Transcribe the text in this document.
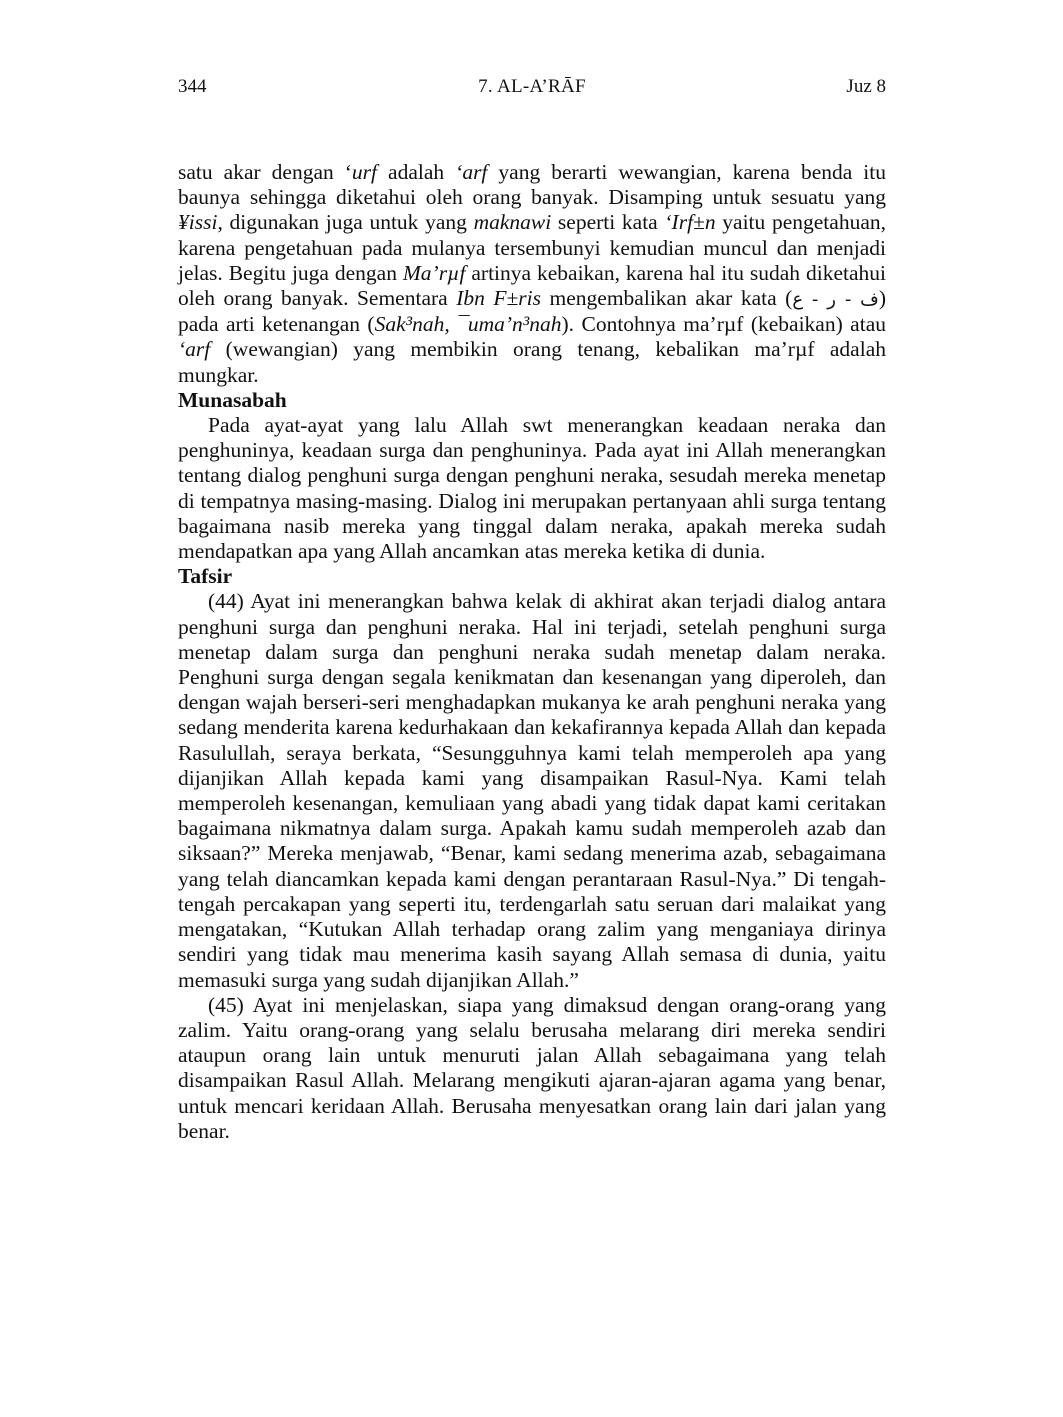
344	7. AL-A’RĀF	Juz 8

satu akar dengan ‘urf adalah ‘arf yang berarti wewangian, karena benda itu baunya sehingga diketahui oleh orang banyak. Disamping untuk sesuatu yang ¥issi, digunakan juga untuk yang maknawi seperti kata ‘Irf±n yaitu pengetahuan, karena pengetahuan pada mulanya tersembunyi kemudian muncul dan menjadi jelas. Begitu juga dengan Ma’rµf artinya kebaikan, karena hal itu sudah diketahui oleh orang banyak. Sementara Ibn F±ris mengembalikan akar kata (ف - ر - ع) pada arti ketenangan (Sak³nah, ¯uma’n³nah). Contohnya ma’rµf (kebaikan) atau ‘arf (wewangian) yang membikin orang tenang, kebalikan ma’rµf adalah mungkar.

Munasabah

Pada ayat-ayat yang lalu Allah swt menerangkan keadaan neraka dan penghuninya, keadaan surga dan penghuninya. Pada ayat ini Allah menerangkan tentang dialog penghuni surga dengan penghuni neraka, sesudah mereka menetap di tempatnya masing-masing. Dialog ini merupakan pertanyaan ahli surga tentang bagaimana nasib mereka yang tinggal dalam neraka, apakah mereka sudah mendapatkan apa yang Allah ancamkan atas mereka ketika di dunia.

Tafsir

(44) Ayat ini menerangkan bahwa kelak di akhirat akan terjadi dialog antara penghuni surga dan penghuni neraka. Hal ini terjadi, setelah penghuni surga menetap dalam surga dan penghuni neraka sudah menetap dalam neraka. Penghuni surga dengan segala kenikmatan dan kesenangan yang diperoleh, dan dengan wajah berseri-seri menghadapkan mukanya ke arah penghuni neraka yang sedang menderita karena kedurhakaan dan kekafirannya kepada Allah dan kepada Rasulullah, seraya berkata, “Sesungguhnya kami telah memperoleh apa yang dijanjikan Allah kepada kami yang disampaikan Rasul-Nya. Kami telah memperoleh kesenangan, kemuliaan yang abadi yang tidak dapat kami ceritakan bagaimana nikmatnya dalam surga. Apakah kamu sudah memperoleh azab dan siksaan?” Mereka menjawab, “Benar, kami sedang menerima azab, sebagaimana yang telah diancamkan kepada kami dengan perantaraan Rasul-Nya.” Di tengah-tengah percakapan yang seperti itu, terdengarlah satu seruan dari malaikat yang mengatakan, “Kutukan Allah terhadap orang zalim yang menganiaya dirinya sendiri yang tidak mau menerima kasih sayang Allah semasa di dunia, yaitu memasuki surga yang sudah dijanjikan Allah.”

(45) Ayat ini menjelaskan, siapa yang dimaksud dengan orang-orang yang zalim. Yaitu orang-orang yang selalu berusaha melarang diri mereka sendiri ataupun orang lain untuk menuruti jalan Allah sebagaimana yang telah disampaikan Rasul Allah. Melarang mengikuti ajaran-ajaran agama yang benar, untuk mencari keridaan Allah. Berusaha menyesatkan orang lain dari jalan yang benar.
